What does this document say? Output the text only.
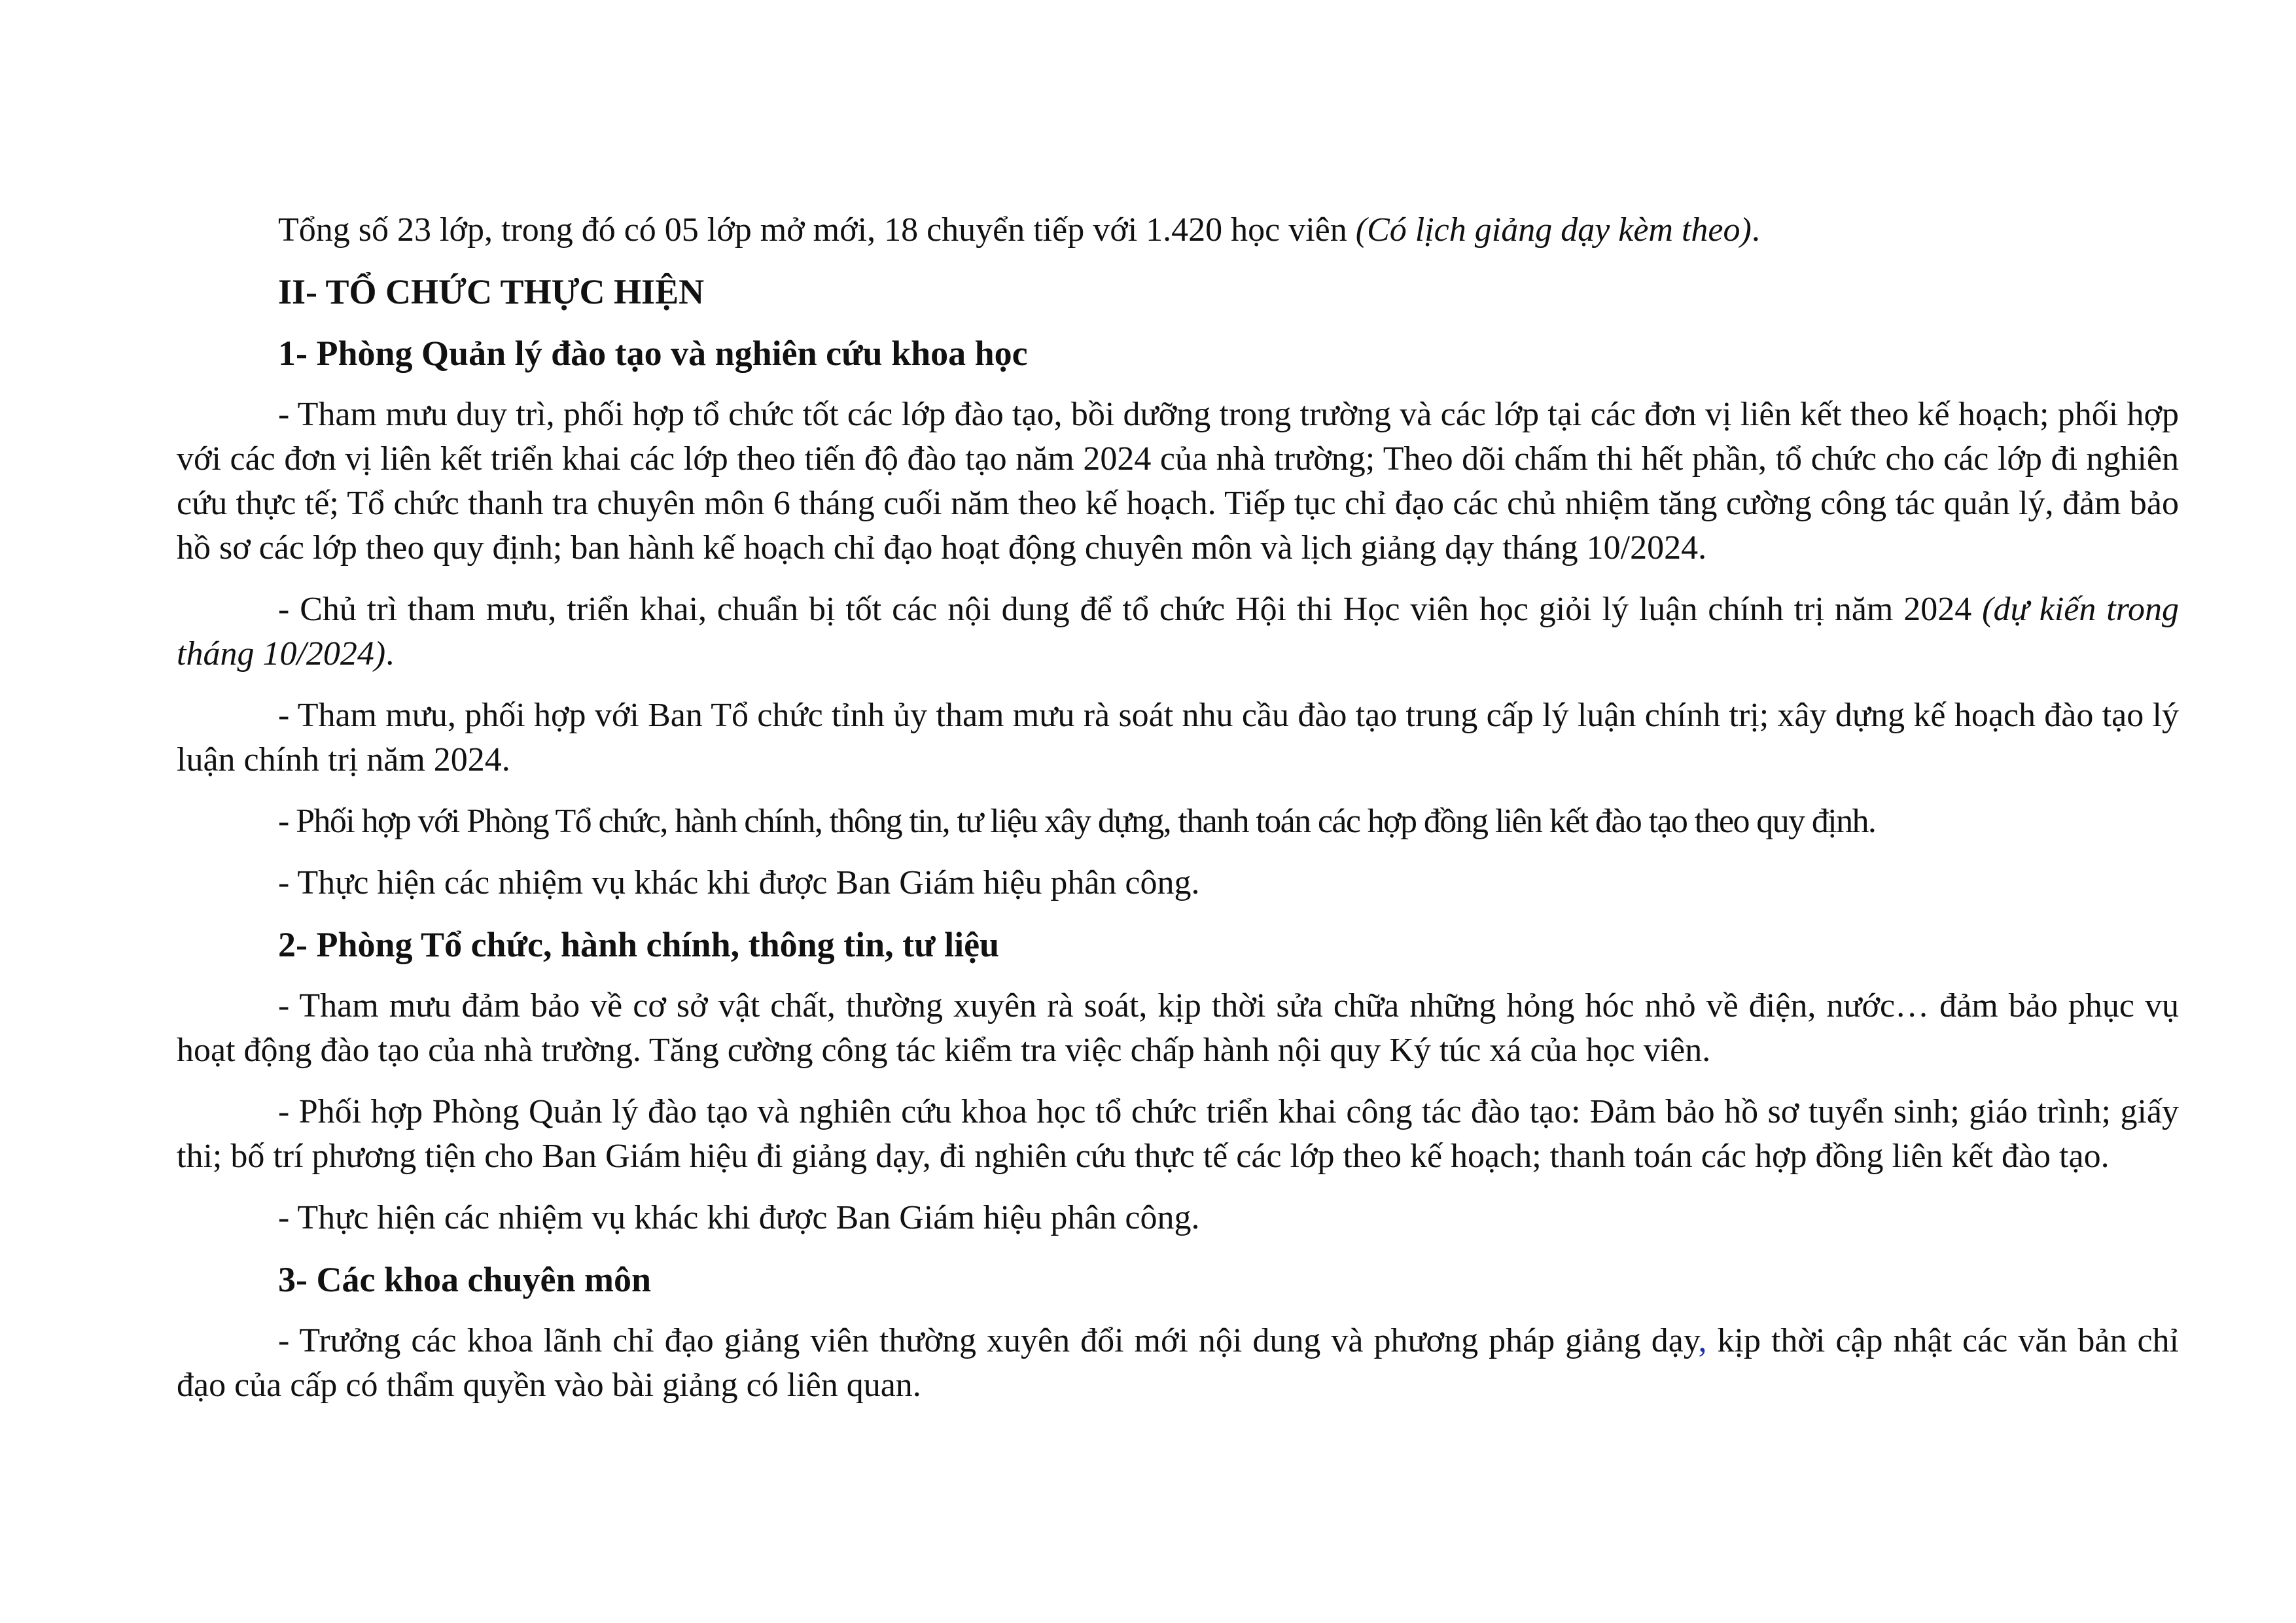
Tổng số 23 lớp, trong đó có 05 lớp mở mới, 18 chuyển tiếp với 1.420 học viên (Có lịch giảng dạy kèm theo).

II- TỔ CHỨC THỰC HIỆN

1- Phòng Quản lý đào tạo và nghiên cứu khoa học

- Tham mưu duy trì, phối hợp tổ chức tốt các lớp đào tạo, bồi dưỡng trong trường và các lớp tại các đơn vị liên kết theo kế hoạch; phối hợp với các đơn vị liên kết triển khai các lớp theo tiến độ đào tạo năm 2024 của nhà trường; Theo dõi chấm thi hết phần, tổ chức cho các lớp đi nghiên cứu thực tế; Tổ chức thanh tra chuyên môn 6 tháng cuối năm theo kế hoạch. Tiếp tục chỉ đạo các chủ nhiệm tăng cường công tác quản lý, đảm bảo hồ sơ các lớp theo quy định; ban hành kế hoạch chỉ đạo hoạt động chuyên môn và lịch giảng dạy tháng 10/2024.

- Chủ trì tham mưu, triển khai, chuẩn bị tốt các nội dung để tổ chức Hội thi Học viên học giỏi lý luận chính trị năm 2024 (dự kiến trong tháng 10/2024).

- Tham mưu, phối hợp với Ban Tổ chức tỉnh ủy tham mưu rà soát nhu cầu đào tạo trung cấp lý luận chính trị; xây dựng kế hoạch đào tạo lý luận chính trị năm 2024.

- Phối hợp với Phòng Tổ chức, hành chính, thông tin, tư liệu xây dựng, thanh toán các hợp đồng liên kết đào tạo theo quy định.

- Thực hiện các nhiệm vụ khác khi được Ban Giám hiệu phân công.

2- Phòng Tổ chức, hành chính, thông tin, tư liệu

- Tham mưu đảm bảo về cơ sở vật chất, thường xuyên rà soát, kịp thời sửa chữa những hỏng hóc nhỏ về điện, nước… đảm bảo phục vụ hoạt động đào tạo của nhà trường. Tăng cường công tác kiểm tra việc chấp hành nội quy Ký túc xá của học viên.

- Phối hợp Phòng Quản lý đào tạo và nghiên cứu khoa học tổ chức triển khai công tác đào tạo: Đảm bảo hồ sơ tuyển sinh; giáo trình; giấy thi; bố trí phương tiện cho Ban Giám hiệu đi giảng dạy, đi nghiên cứu thực tế các lớp theo kế hoạch; thanh toán các hợp đồng liên kết đào tạo.

- Thực hiện các nhiệm vụ khác khi được Ban Giám hiệu phân công.

3- Các khoa chuyên môn

- Trưởng các khoa lãnh chỉ đạo giảng viên thường xuyên đổi mới nội dung và phương pháp giảng dạy, kịp thời cập nhật các văn bản chỉ đạo của cấp có thẩm quyền vào bài giảng có liên quan.
